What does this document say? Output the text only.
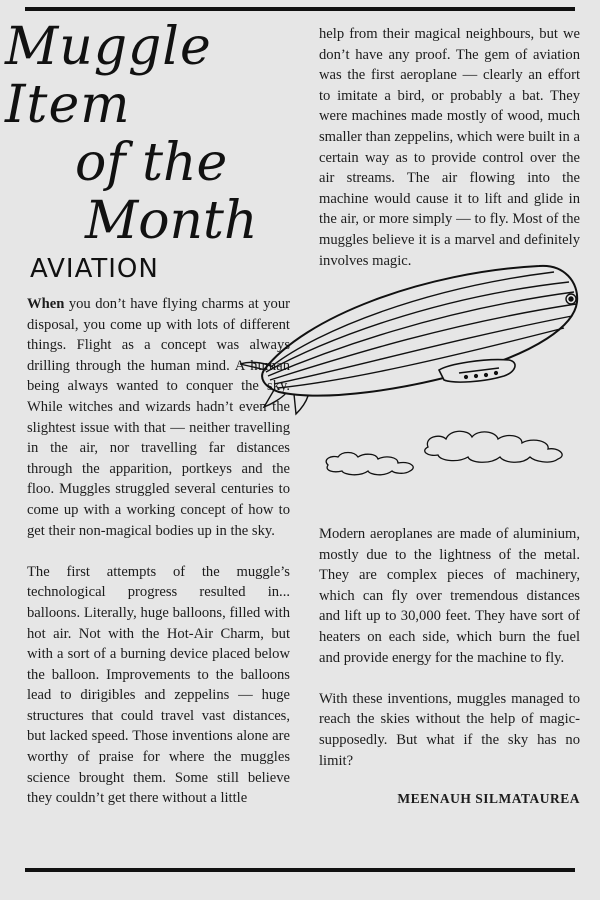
Muggle Item
of the
Month
AVIATION

When you don’t have flying charms at your disposal, you come up with lots of different things. Flight as a concept was always drilling through the human mind. A human being always wanted to conquer the sky. While witches and wizards hadn’t even the slightest issue with that — neither travelling in the air, nor travelling far distances through the apparition, portkeys and the floo. Muggles struggled several centuries to come up with a working concept of how to get their non-magical bodies up in the sky.

The first attempts of the muggle’s technological progress resulted in... balloons. Literally, huge balloons, filled with hot air. Not with the Hot-Air Charm, but with a sort of a burning device placed below the balloon. Improvements to the balloons lead to dirigibles and zeppelins — huge structures that could travel vast distances, but lacked speed. Those inventions alone are worthy of praise for where the muggles science brought them. Some still believe they couldn’t get there without a little

help from their magical neighbours, but we don’t have any proof. The gem of aviation was the first aeroplane — clearly an effort to imitate a bird, or probably a bat. They were machines made mostly of wood, much smaller than zeppelins, which were built in a certain way as to provide control over the air streams. The air flowing into the machine would cause it to lift and glide in the air, or more simply — to fly. Most of the muggles believe it is a marvel and definitely involves magic.

Modern aeroplanes are made of aluminium, mostly due to the lightness of the metal. They are complex pieces of machinery, which can fly over tremendous distances and lift up to 30,000 feet. They have sort of heaters on each side, which burn the fuel and provide energy for the machine to fly.

With these inventions, muggles managed to reach the skies without the help of magic- supposedly. But what if the sky has no limit?

MEENAUH SILMATAUREA
